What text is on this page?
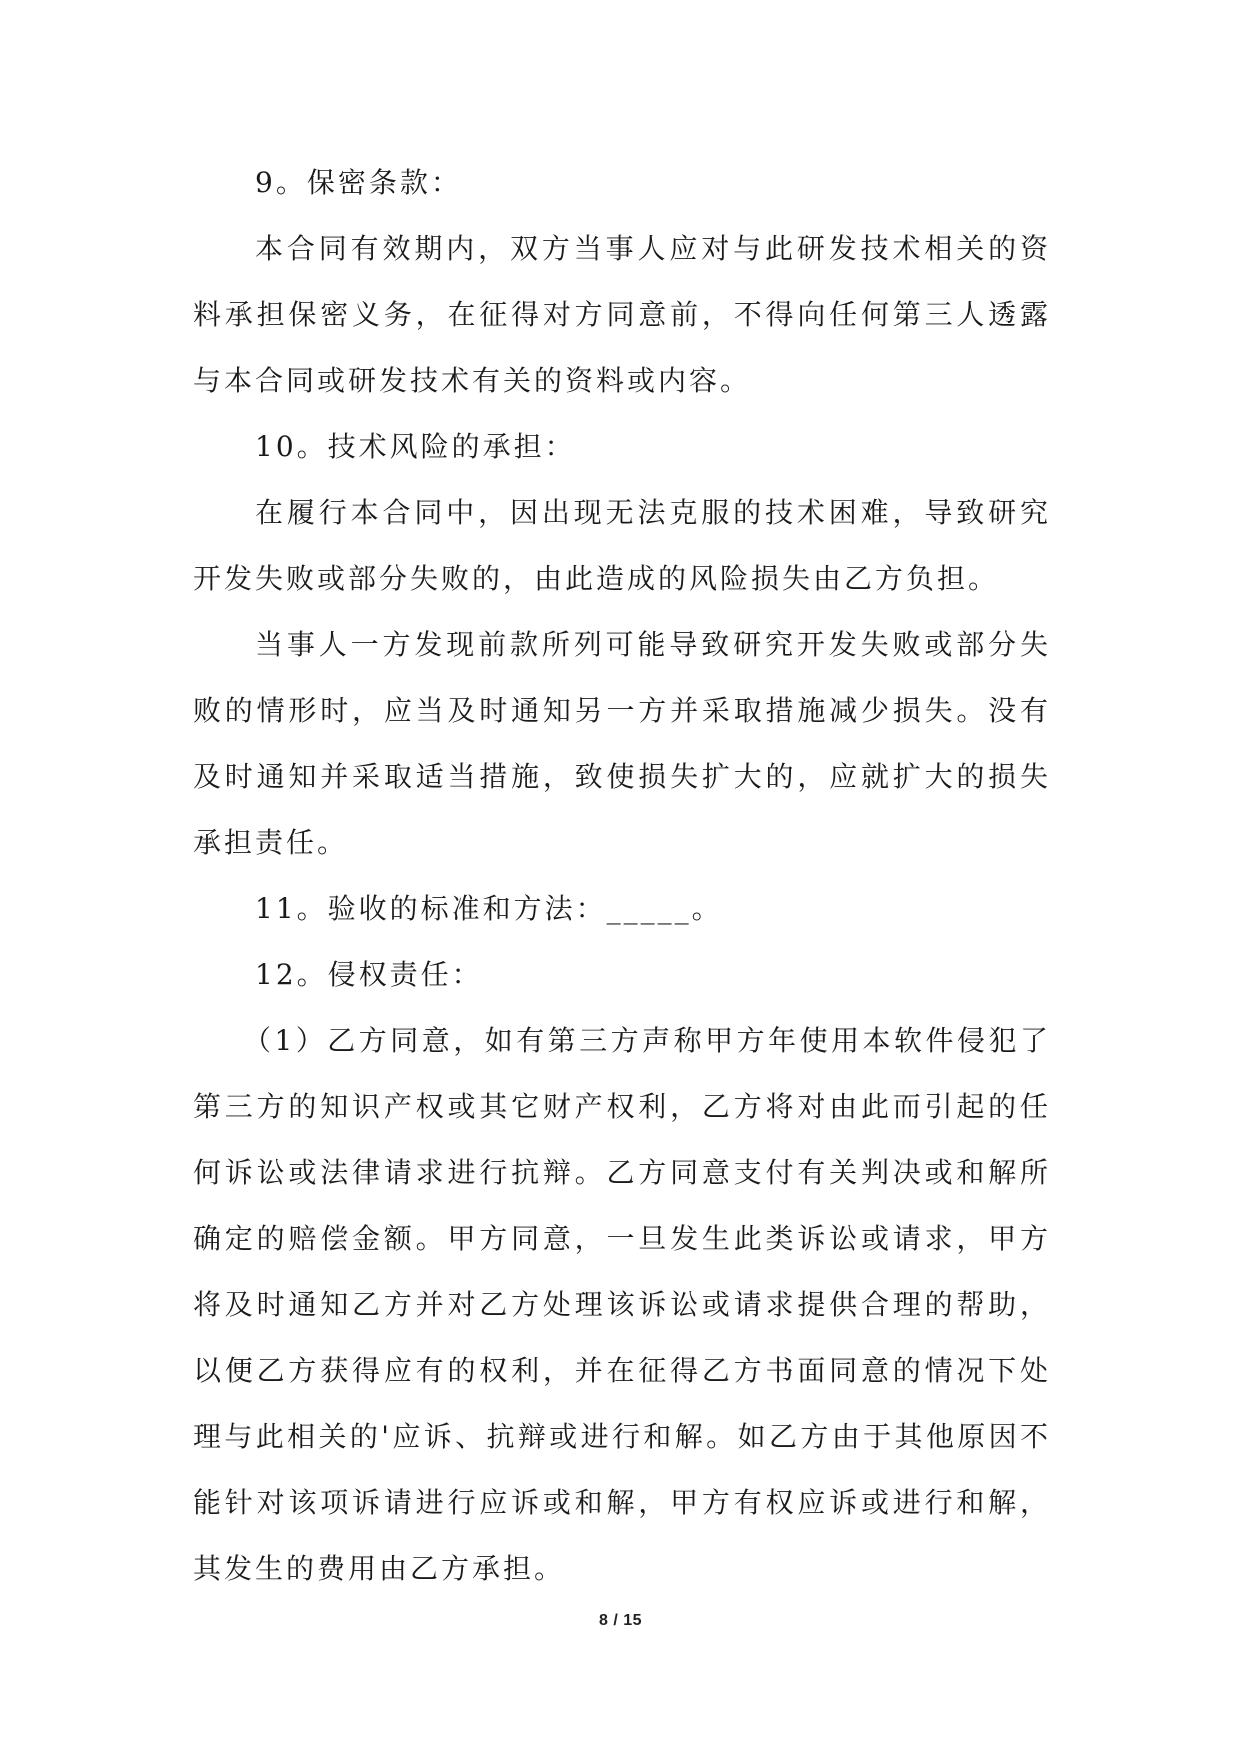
9。保密条款：

本合同有效期内，双方当事人应对与此研发技术相关的资料承担保密义务，在征得对方同意前，不得向任何第三人透露与本合同或研发技术有关的资料或内容。

10。技术风险的承担：

在履行本合同中，因出现无法克服的技术困难，导致研究开发失败或部分失败的，由此造成的风险损失由乙方负担。

当事人一方发现前款所列可能导致研究开发失败或部分失败的情形时，应当及时通知另一方并采取措施减少损失。没有及时通知并采取适当措施，致使损失扩大的，应就扩大的损失承担责任。

11。验收的标准和方法：_____。

12。侵权责任：

（1）乙方同意，如有第三方声称甲方年使用本软件侵犯了第三方的知识产权或其它财产权利，乙方将对由此而引起的任何诉讼或法律请求进行抗辩。乙方同意支付有关判决或和解所确定的赔偿金额。甲方同意，一旦发生此类诉讼或请求，甲方将及时通知乙方并对乙方处理该诉讼或请求提供合理的帮助，以便乙方获得应有的权利，并在征得乙方书面同意的情况下处理与此相关的'应诉、抗辩或进行和解。如乙方由于其他原因不能针对该项诉请进行应诉或和解，甲方有权应诉或进行和解，其发生的费用由乙方承担。

8 / 15
